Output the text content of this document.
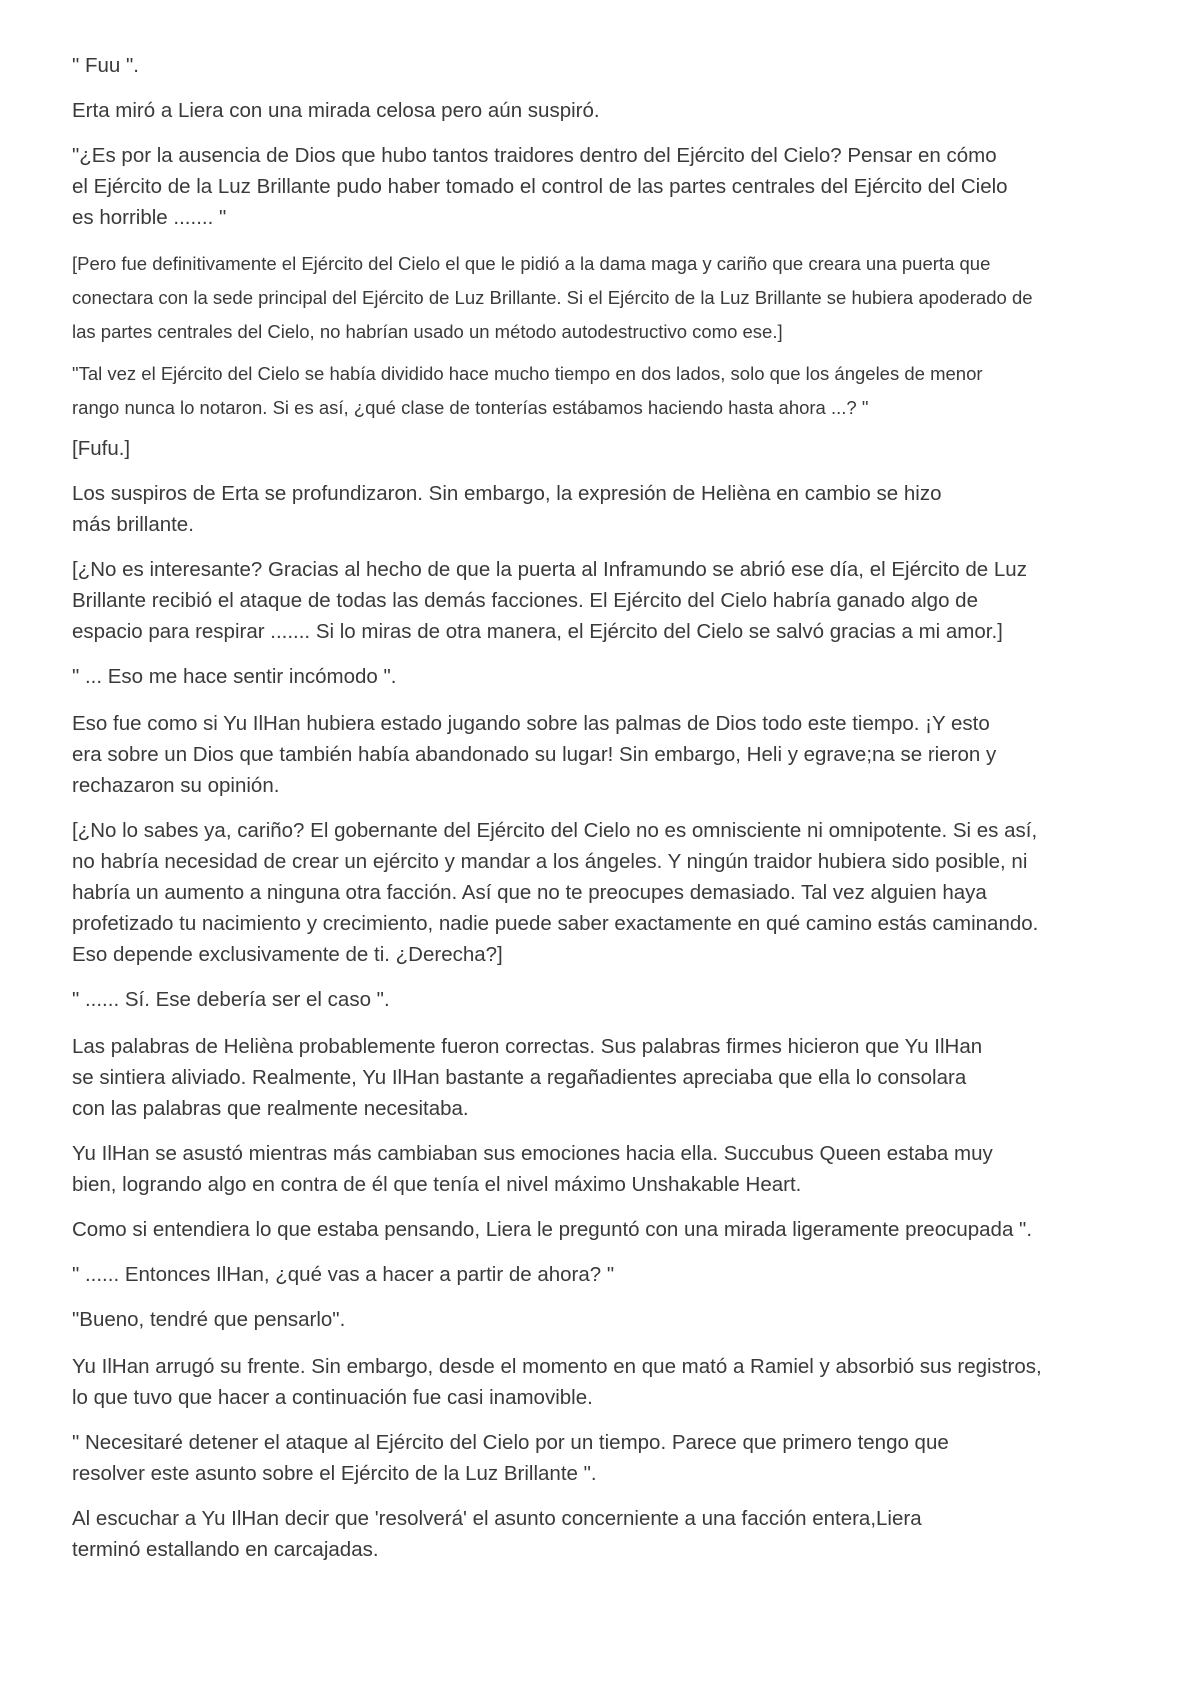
" Fuu ".

Erta miró a Liera con una mirada celosa pero aún suspiró.

"¿Es por la ausencia de Dios que hubo tantos traidores dentro del Ejército del Cielo? Pensar en cómo
el Ejército de la Luz Brillante pudo haber tomado el control de las partes centrales del Ejército del Cielo
es horrible ....... "

[Pero fue definitivamente el Ejército del Cielo el que le pidió a la dama maga y cariño que creara una puerta que
conectara con la sede principal del Ejército de Luz Brillante. Si el Ejército de la Luz Brillante se hubiera apoderado de
las partes centrales del Cielo, no habrían usado un método autodestructivo como ese.]

"Tal vez el Ejército del Cielo se había dividido hace mucho tiempo en dos lados, solo que los ángeles de menor
rango nunca lo notaron. Si es así, ¿qué clase de tonterías estábamos haciendo hasta ahora ...? "

[Fufu.]

Los suspiros de Erta se profundizaron. Sin embargo, la expresión de Helièna en cambio se hizo
más brillante.

[¿No es interesante? Gracias al hecho de que la puerta al Inframundo se abrió ese día, el Ejército de Luz
Brillante recibió el ataque de todas las demás facciones. El Ejército del Cielo habría ganado algo de
espacio para respirar ....... Si lo miras de otra manera, el Ejército del Cielo se salvó gracias a mi amor.]

" ... Eso me hace sentir incómodo ".

Eso fue como si Yu IlHan hubiera estado jugando sobre las palmas de Dios todo este tiempo. ¡Y esto
era sobre un Dios que también había abandonado su lugar! Sin embargo, Heli y egrave;na se rieron y
rechazaron su opinión.

[¿No lo sabes ya, cariño? El gobernante del Ejército del Cielo no es omnisciente ni omnipotente. Si es así,
no habría necesidad de crear un ejército y mandar a los ángeles. Y ningún traidor hubiera sido posible, ni
habría un aumento a ninguna otra facción. Así que no te preocupes demasiado. Tal vez alguien haya
profetizado tu nacimiento y crecimiento, nadie puede saber exactamente en qué camino estás caminando.
Eso depende exclusivamente de ti. ¿Derecha?]

" ...... Sí. Ese debería ser el caso ".

Las palabras de Helièna probablemente fueron correctas. Sus palabras firmes hicieron que Yu IlHan
se sintiera aliviado. Realmente, Yu IlHan bastante a regañadientes apreciaba que ella lo consolara
con las palabras que realmente necesitaba.

Yu IlHan se asustó mientras más cambiaban sus emociones hacia ella. Succubus Queen estaba muy
bien, logrando algo en contra de él que tenía el nivel máximo Unshakable Heart.

Como si entendiera lo que estaba pensando, Liera le preguntó con una mirada ligeramente preocupada ".

" ...... Entonces IlHan, ¿qué vas a hacer a partir de ahora? "

"Bueno, tendré que pensarlo".

Yu IlHan arrugó su frente. Sin embargo, desde el momento en que mató a Ramiel y absorbió sus registros,
lo que tuvo que hacer a continuación fue casi inamovible.

" Necesitaré detener el ataque al Ejército del Cielo por un tiempo. Parece que primero tengo que
resolver este asunto sobre el Ejército de la Luz Brillante ".

Al escuchar a Yu IlHan decir que 'resolverá' el asunto concerniente a una facción entera,Liera
terminó estallando en carcajadas.
